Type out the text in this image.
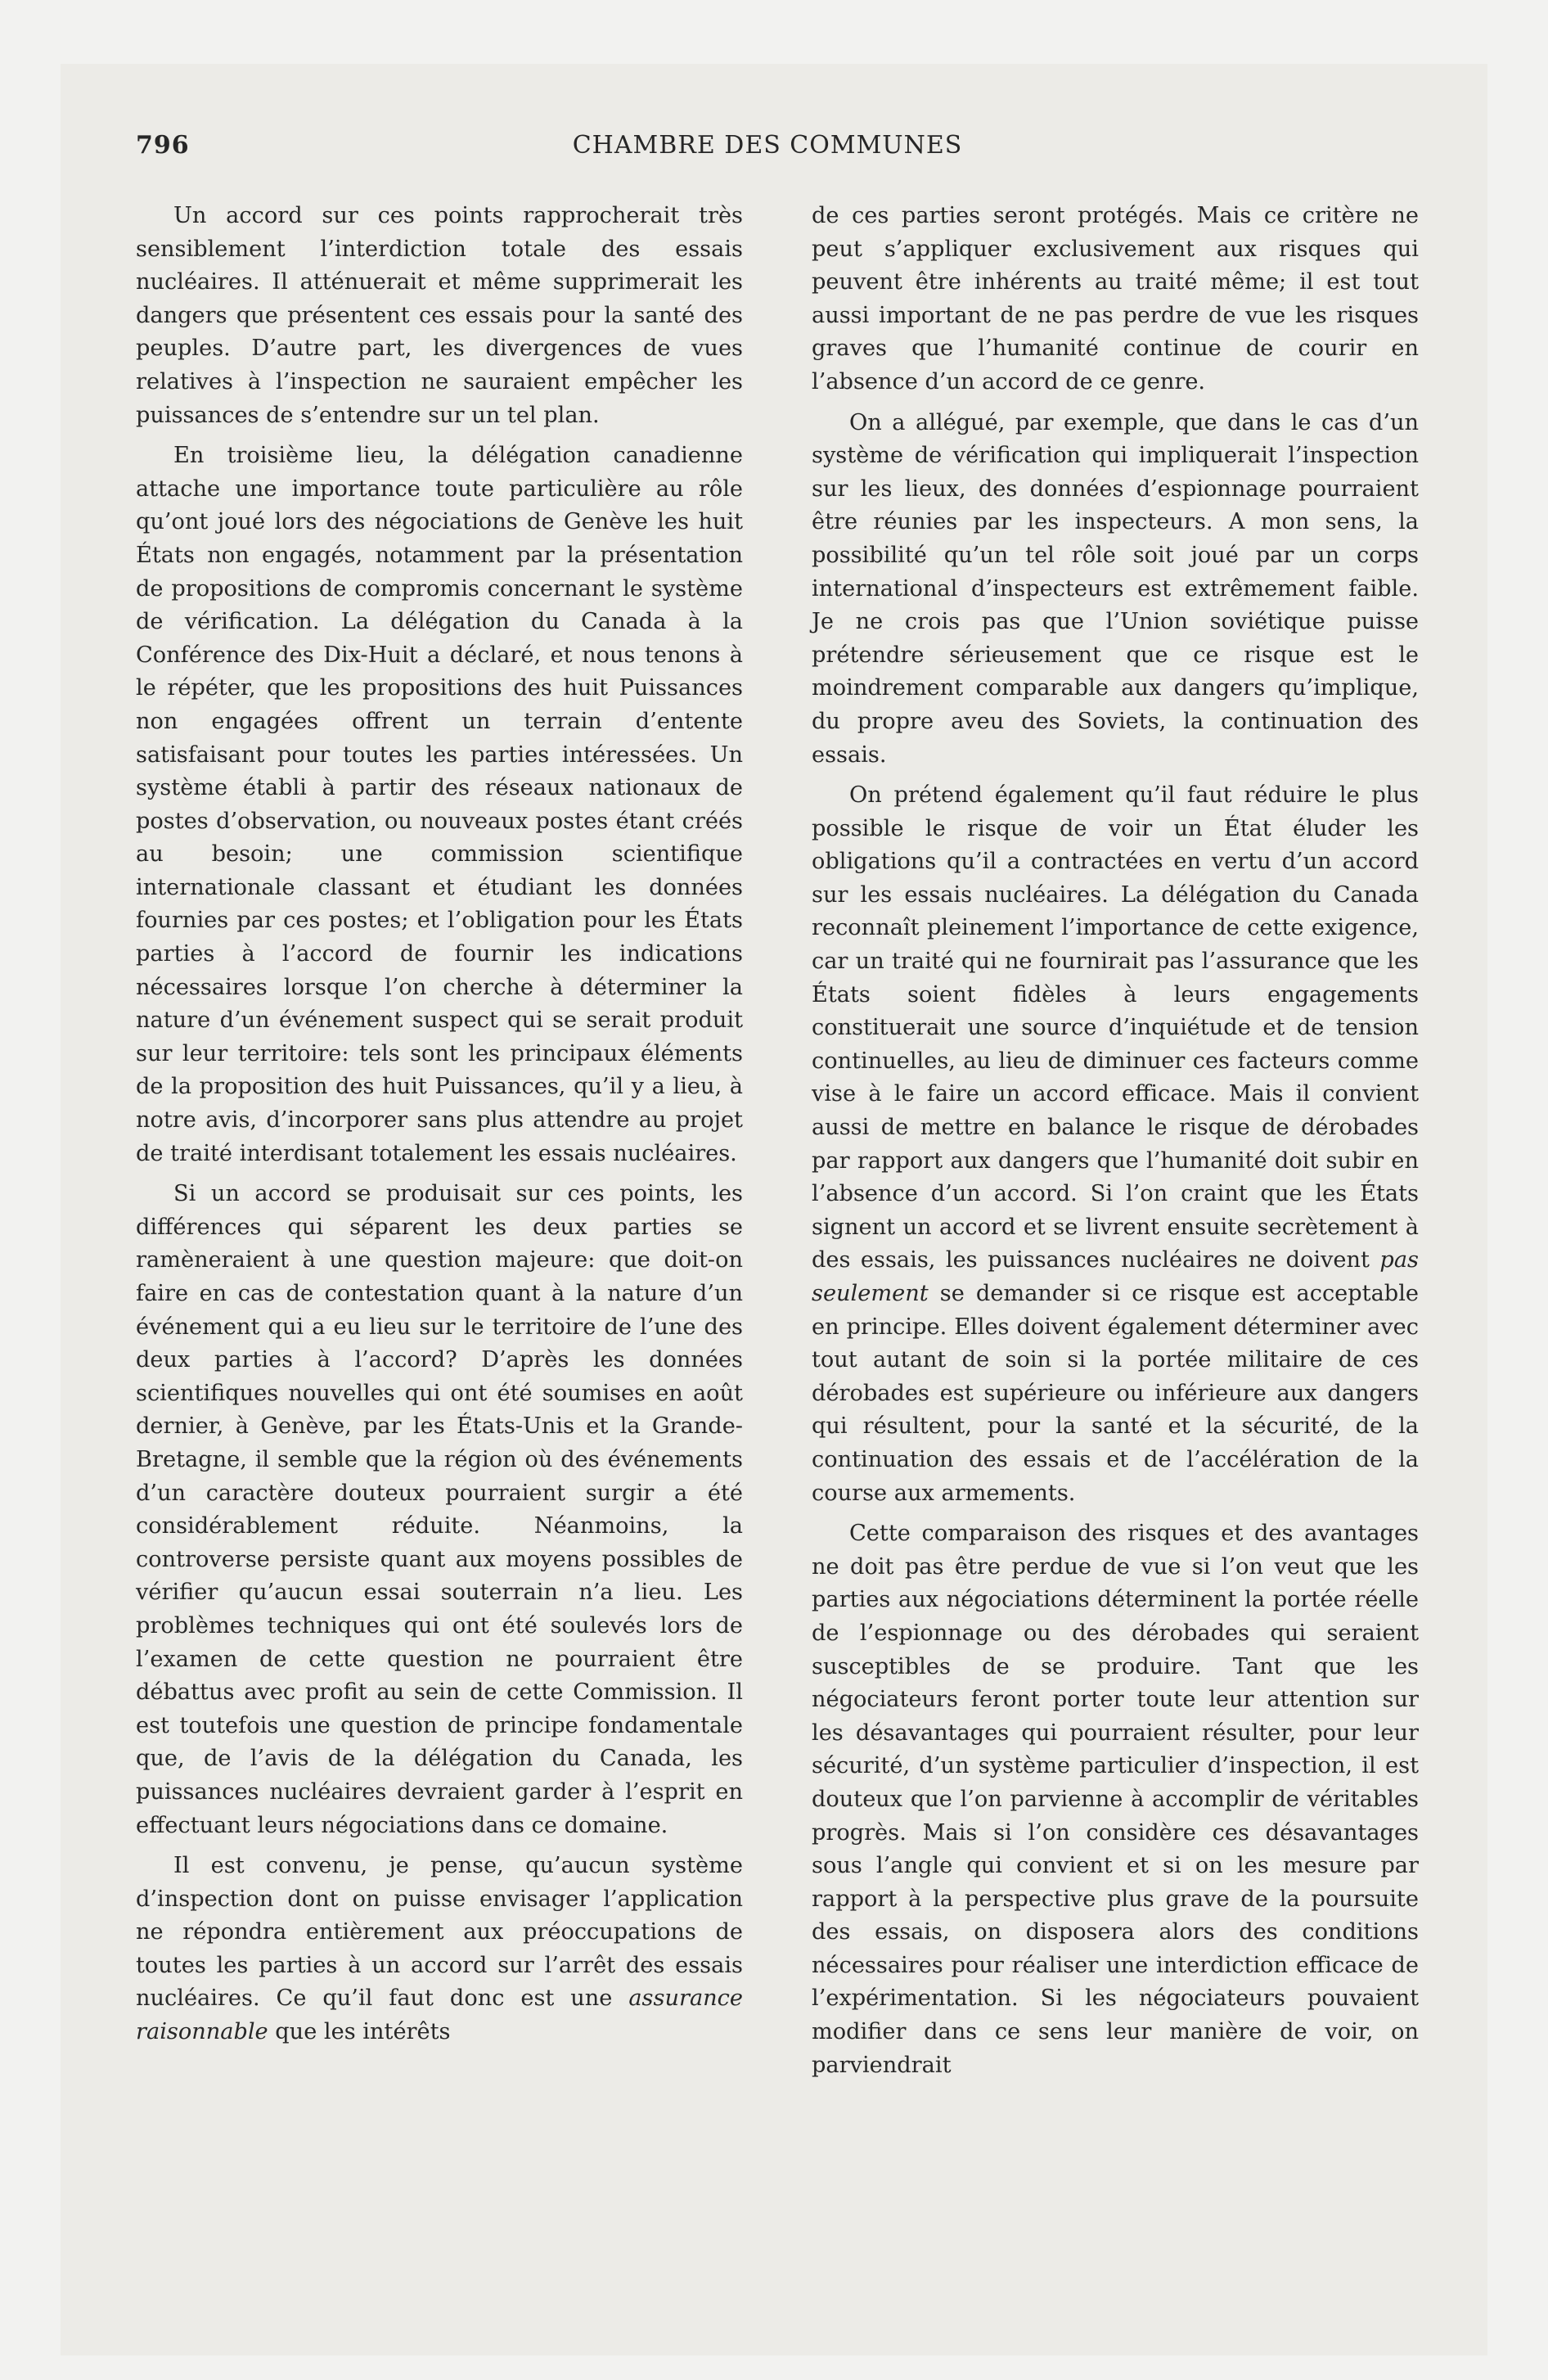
796	CHAMBRE DES COMMUNES

Un accord sur ces points rapprocherait très sensiblement l’interdiction totale des essais nucléaires. Il atténuerait et même supprimerait les dangers que présentent ces essais pour la santé des peuples. D’autre part, les divergences de vues relatives à l’inspection ne sauraient empêcher les puissances de s’entendre sur un tel plan.

En troisième lieu, la délégation canadienne attache une importance toute particulière au rôle qu’ont joué lors des négociations de Genève les huit États non engagés, notamment par la présentation de propositions de compromis concernant le système de vérification. La délégation du Canada à la Conférence des Dix-Huit a déclaré, et nous tenons à le répéter, que les propositions des huit Puissances non engagées offrent un terrain d’entente satisfaisant pour toutes les parties intéressées. Un système établi à partir des réseaux nationaux de postes d’observation, ou nouveaux postes étant créés au besoin; une commission scientifique internationale classant et étudiant les données fournies par ces postes; et l’obligation pour les États parties à l’accord de fournir les indications nécessaires lorsque l’on cherche à déterminer la nature d’un événement suspect qui se serait produit sur leur territoire: tels sont les principaux éléments de la proposition des huit Puissances, qu’il y a lieu, à notre avis, d’incorporer sans plus attendre au projet de traité interdisant totalement les essais nucléaires.

Si un accord se produisait sur ces points, les différences qui séparent les deux parties se ramèneraient à une question majeure: que doit-on faire en cas de contestation quant à la nature d’un événement qui a eu lieu sur le territoire de l’une des deux parties à l’accord? D’après les données scientifiques nouvelles qui ont été soumises en août dernier, à Genève, par les États-Unis et la Grande-Bretagne, il semble que la région où des événements d’un caractère douteux pourraient surgir a été considérablement réduite. Néanmoins, la controverse persiste quant aux moyens possibles de vérifier qu’aucun essai souterrain n’a lieu. Les problèmes techniques qui ont été soulevés lors de l’examen de cette question ne pourraient être débattus avec profit au sein de cette Commission. Il est toutefois une question de principe fondamentale que, de l’avis de la délégation du Canada, les puissances nucléaires devraient garder à l’esprit en effectuant leurs négociations dans ce domaine.

Il est convenu, je pense, qu’aucun système d’inspection dont on puisse envisager l’application ne répondra entièrement aux préoccupations de toutes les parties à un accord sur l’arrêt des essais nucléaires. Ce qu’il faut donc est une assurance raisonnable que les intérêts

de ces parties seront protégés. Mais ce critère ne peut s’appliquer exclusivement aux risques qui peuvent être inhérents au traité même; il est tout aussi important de ne pas perdre de vue les risques graves que l’humanité continue de courir en l’absence d’un accord de ce genre.

On a allégué, par exemple, que dans le cas d’un système de vérification qui impliquerait l’inspection sur les lieux, des données d’espionnage pourraient être réunies par les inspecteurs. A mon sens, la possibilité qu’un tel rôle soit joué par un corps international d’inspecteurs est extrêmement faible. Je ne crois pas que l’Union soviétique puisse prétendre sérieusement que ce risque est le moindrement comparable aux dangers qu’implique, du propre aveu des Soviets, la continuation des essais.

On prétend également qu’il faut réduire le plus possible le risque de voir un État éluder les obligations qu’il a contractées en vertu d’un accord sur les essais nucléaires. La délégation du Canada reconnaît pleinement l’importance de cette exigence, car un traité qui ne fournirait pas l’assurance que les États soient fidèles à leurs engagements constituerait une source d’inquiétude et de tension continuelles, au lieu de diminuer ces facteurs comme vise à le faire un accord efficace. Mais il convient aussi de mettre en balance le risque de dérobades par rapport aux dangers que l’humanité doit subir en l’absence d’un accord. Si l’on craint que les États signent un accord et se livrent ensuite secrètement à des essais, les puissances nucléaires ne doivent pas seulement se demander si ce risque est acceptable en principe. Elles doivent également déterminer avec tout autant de soin si la portée militaire de ces dérobades est supérieure ou inférieure aux dangers qui résultent, pour la santé et la sécurité, de la continuation des essais et de l’accélération de la course aux armements.

Cette comparaison des risques et des avantages ne doit pas être perdue de vue si l’on veut que les parties aux négociations déterminent la portée réelle de l’espionnage ou des dérobades qui seraient susceptibles de se produire. Tant que les négociateurs feront porter toute leur attention sur les désavantages qui pourraient résulter, pour leur sécurité, d’un système particulier d’inspection, il est douteux que l’on parvienne à accomplir de véritables progrès. Mais si l’on considère ces désavantages sous l’angle qui convient et si on les mesure par rapport à la perspective plus grave de la poursuite des essais, on disposera alors des conditions nécessaires pour réaliser une interdiction efficace de l’expérimentation. Si les négociateurs pouvaient modifier dans ce sens leur manière de voir, on parviendrait
